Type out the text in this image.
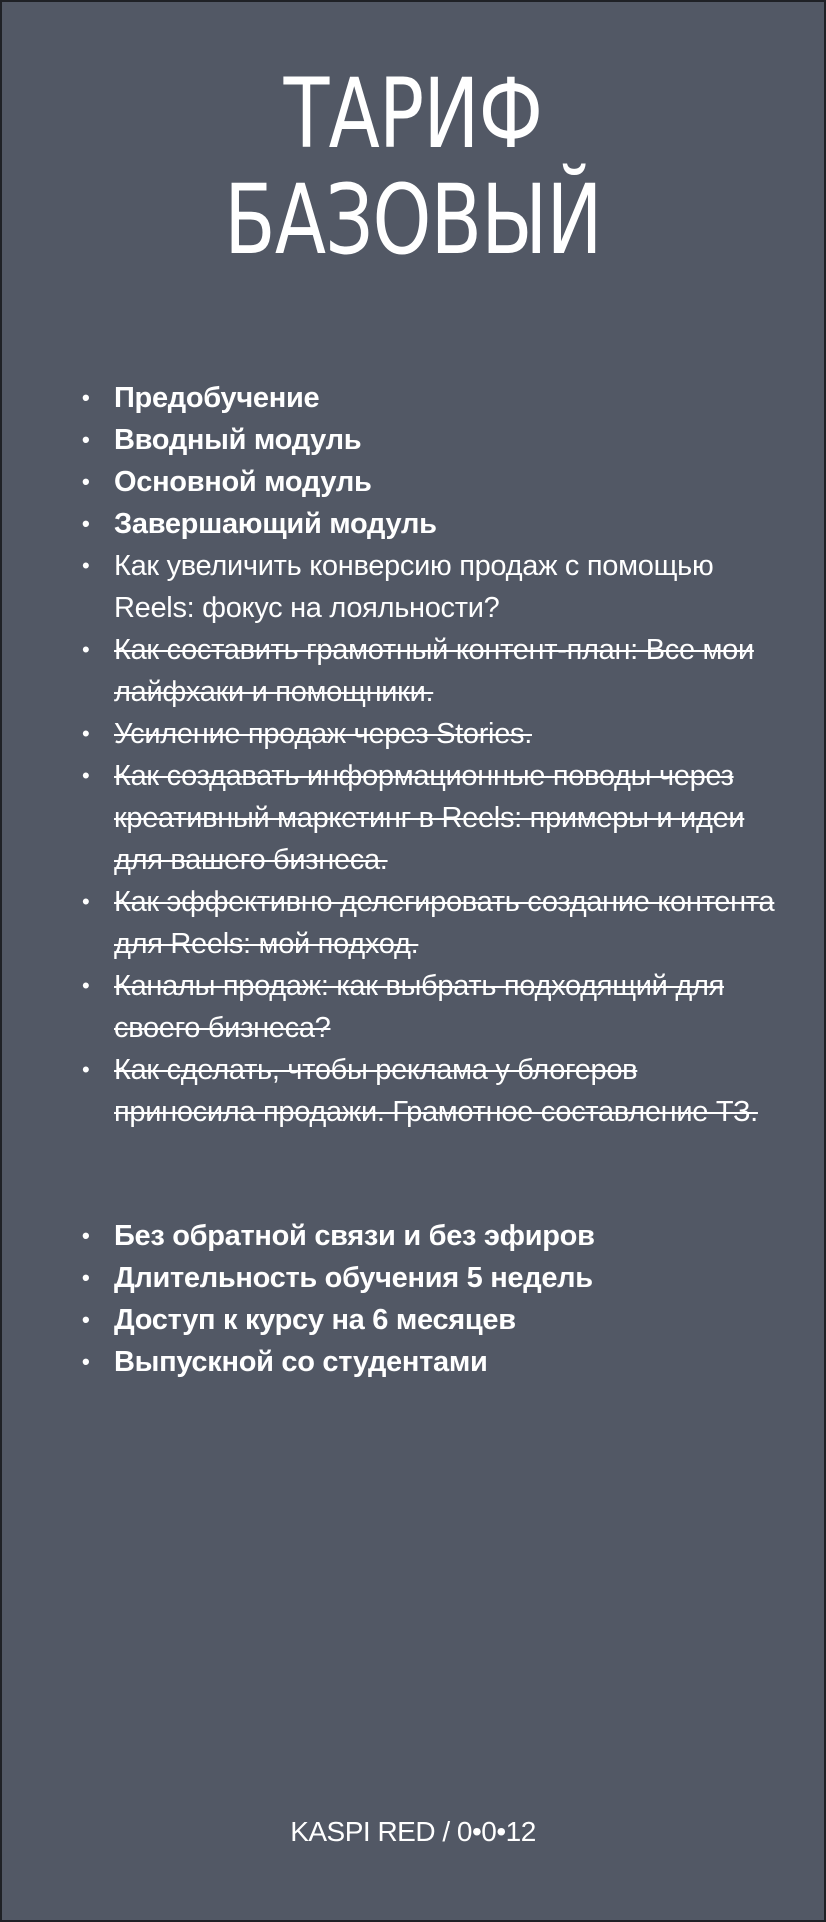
ТАРИФ
БАЗОВЫЙ
• Предобучение
• Вводный модуль
• Основной модуль
• Завершающий модуль
• Как увеличить конверсию продаж с помощью Reels: фокус на лояльности?
• Как составить грамотный контент-план: Все мои лайфхаки и помощники.
• Усиление продаж через Stories.
• Как создавать информационные поводы через креативный маркетинг в Reels: примеры и идеи для вашего бизнеса.
• Как эффективно делегировать создание контента для Reels: мой подход.
• Каналы продаж: как выбрать подходящий для своего бизнеса?
• Как сделать, чтобы реклама у блогеров приносила продажи. Грамотное составление ТЗ.
• Без обратной связи и без эфиров
• Длительность обучения 5 недель
• Доступ к курсу на 6 месяцев
• Выпускной со студентами
KASPI RED / 0•0•12
